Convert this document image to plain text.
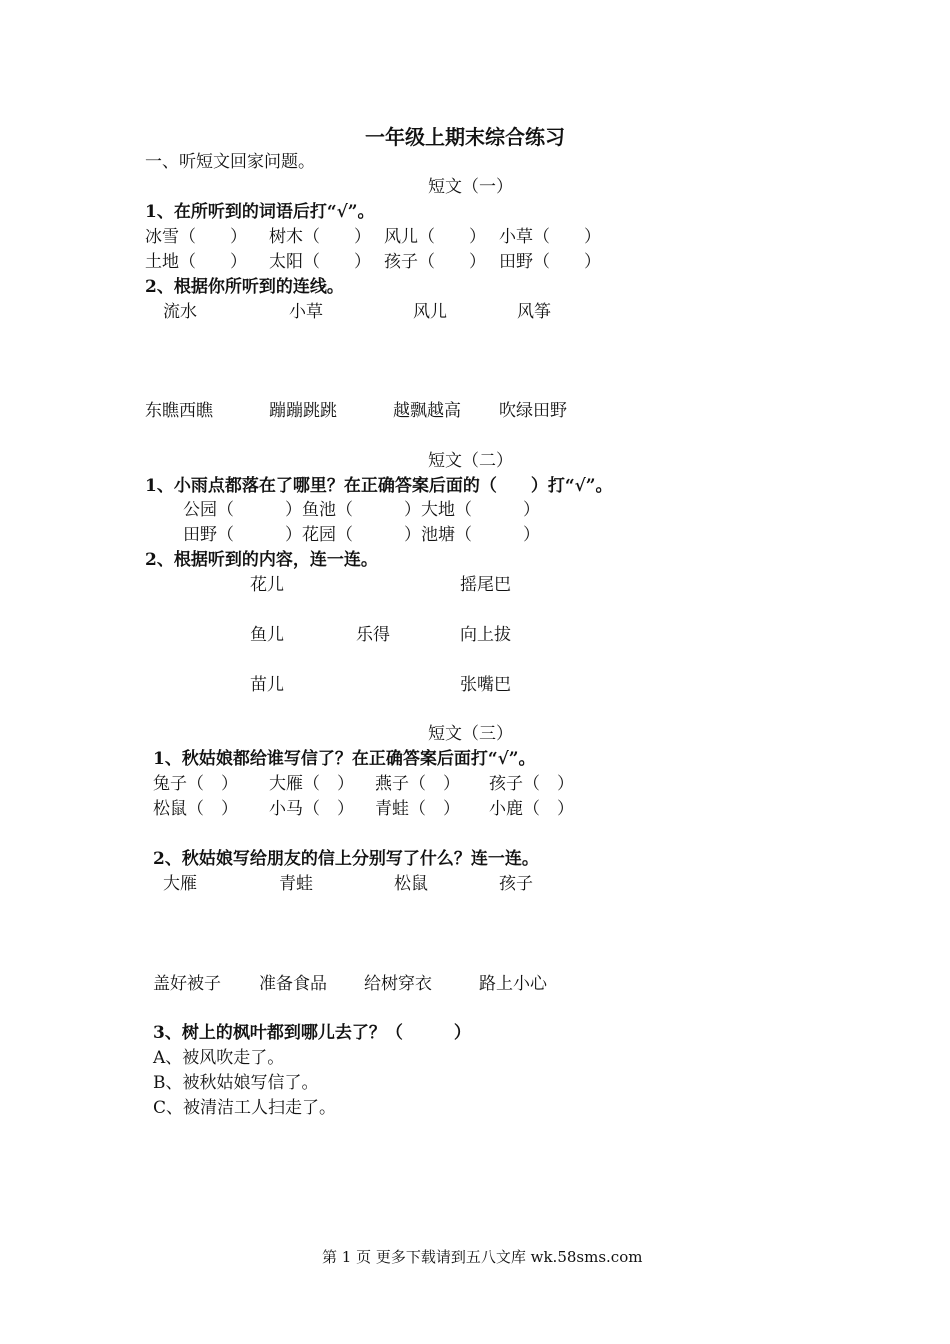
一年级上期末综合练习
一、听短文回家问题。
短文（一）
1、在所听到的词语后打“√”。
冰雪（　　） 树木（　　） 风儿（　　） 小草（　　）
土地（　　） 太阳（　　） 孩子（　　） 田野（　　）
2、根据你所听到的连线。
流水	小草	风儿	风筝
东瞧西瞧	蹦蹦跳跳	越飘越高 吹绿田野
短文（二）
1、小雨点都落在了哪里？在正确答案后面的（　　）打“√”。
公园（　　　）鱼池（　　　）大地（　　　）
田野（　　　）花园（　　　）池塘（　　　）
2、根据听到的内容，连一连。
花儿	摇尾巴
鱼儿	乐得	向上拔
苗儿	张嘴巴
短文（三）
1、秋姑娘都给谁写信了？在正确答案后面打“√”。
兔子（　） 大雁（　） 燕子（　） 孩子（　）
松鼠（　） 小马（　） 青蛙（　） 小鹿（　）
2、秋姑娘写给朋友的信上分别写了什么？连一连。
大雁	青蛙	松鼠	孩子
盖好被子 准备食品 给树穿衣	路上小心
3、树上的枫叶都到哪儿去了？（　　　）
A、被风吹走了。
B、被秋姑娘写信了。
C、被清洁工人扫走了。
第 1 页 更多下载请到五八文库 wk.58sms.com
